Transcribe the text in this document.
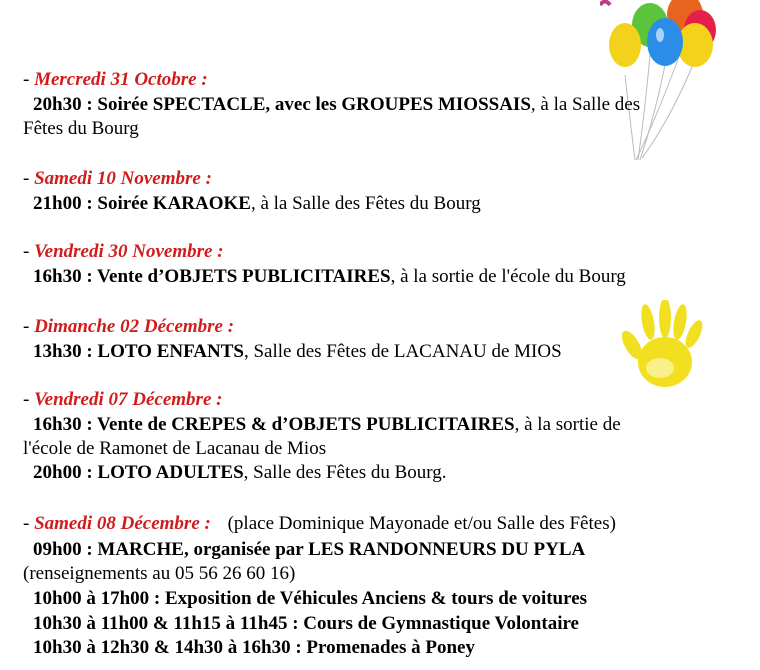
- Mercredi 31 Octobre :
20h30 : Soirée SPECTACLE, avec les GROUPES MIOSSAIS, à la Salle des
Fêtes du Bourg
- Samedi 10 Novembre :
21h00 : Soirée KARAOKE, à la Salle des Fêtes du Bourg
- Vendredi 30 Novembre :
16h30 : Vente d’OBJETS PUBLICITAIRES, à la sortie de l'école du Bourg
- Dimanche 02 Décembre :
13h30 : LOTO ENFANTS, Salle des Fêtes de LACANAU de MIOS
- Vendredi 07 Décembre :
16h30 : Vente de CREPES & d’OBJETS PUBLICITAIRES, à la sortie de
l'école de Ramonet de Lacanau de Mios
20h00 : LOTO ADULTES, Salle des Fêtes du Bourg.
- Samedi 08 Décembre : (place Dominique Mayonade et/ou Salle des Fêtes)
09h00 : MARCHE, organisée par LES RANDONNEURS DU PYLA
(renseignements au 05 56 26 60 16)
10h00 à 17h00 : Exposition de Véhicules Anciens & tours de voitures
10h30 à 11h00 & 11h15 à 11h45 : Cours de Gymnastique Volontaire
10h30 à 12h30 & 14h30 à 16h30 : Promenades à Poney
